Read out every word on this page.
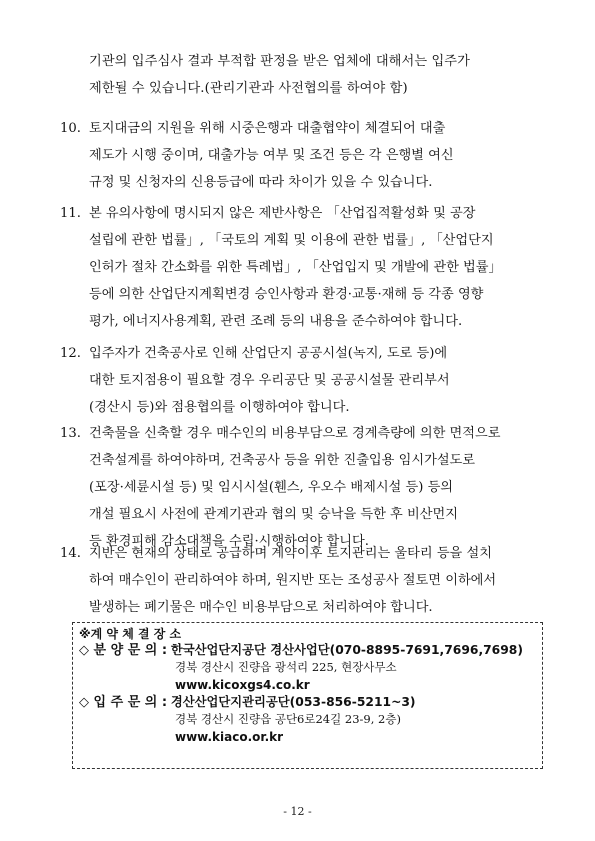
기관의 입주심사 결과 부적합 판정을 받은 업체에 대해서는 입주가
제한될 수 있습니다.(관리기관과 사전협의를 하여야 함)
10. 토지대금의 지원을 위해 시중은행과 대출협약이 체결되어 대출
제도가 시행 중이며, 대출가능 여부 및 조건 등은 각 은행별 여신
규정 및 신청자의 신용등급에 따라 차이가 있을 수 있습니다.
11. 본 유의사항에 명시되지 않은 제반사항은 「산업집적활성화 및 공장
설립에 관한 법률」, 「국토의 계획 및 이용에 관한 법률」, 「산업단지
인허가 절차 간소화를 위한 특례법」, 「산업입지 및 개발에 관한 법률」
등에 의한 산업단지계획변경 승인사항과 환경·교통·재해 등 각종 영향
평가, 에너지사용계획, 관련 조례 등의 내용을 준수하여야 합니다.
12. 입주자가 건축공사로 인해 산업단지 공공시설(녹지, 도로 등)에
대한 토지점용이 필요할 경우 우리공단 및 공공시설물 관리부서
(경산시 등)와 점용협의를 이행하여야 합니다.
13. 건축물을 신축할 경우 매수인의 비용부담으로 경계측량에 의한 면적으로
건축설계를 하여야하며, 건축공사 등을 위한 진출입용 임시가설도로
(포장·세륜시설 등) 및 임시시설(휀스, 우오수 배제시설 등) 등의
개설 필요시 사전에 관계기관과 협의 및 승낙을 득한 후 비산먼지
등 환경피해 감소대책을 수립·시행하여야 합니다.
14. 지반은 현재의 상태로 공급하며 계약이후 토지관리는 울타리 등을 설치
하여 매수인이 관리하여야 하며, 원지반 또는 조성공사 절토면 이하에서
발생하는 폐기물은 매수인 비용부담으로 처리하여야 합니다.
※계 약 체 결 장 소
◇ 분 양 문 의 : 한국산업단지공단 경산사업단(070-8895-7691,7696,7698)
경북 경산시 진량읍 광석리 225, 현장사무소
www.kicoxgs4.co.kr
◇ 입 주 문 의 : 경산산업단지관리공단(053-856-5211~3)
경북 경산시 진량읍 공단6로24길 23-9, 2층)
www.kiaco.or.kr
- 12 -
